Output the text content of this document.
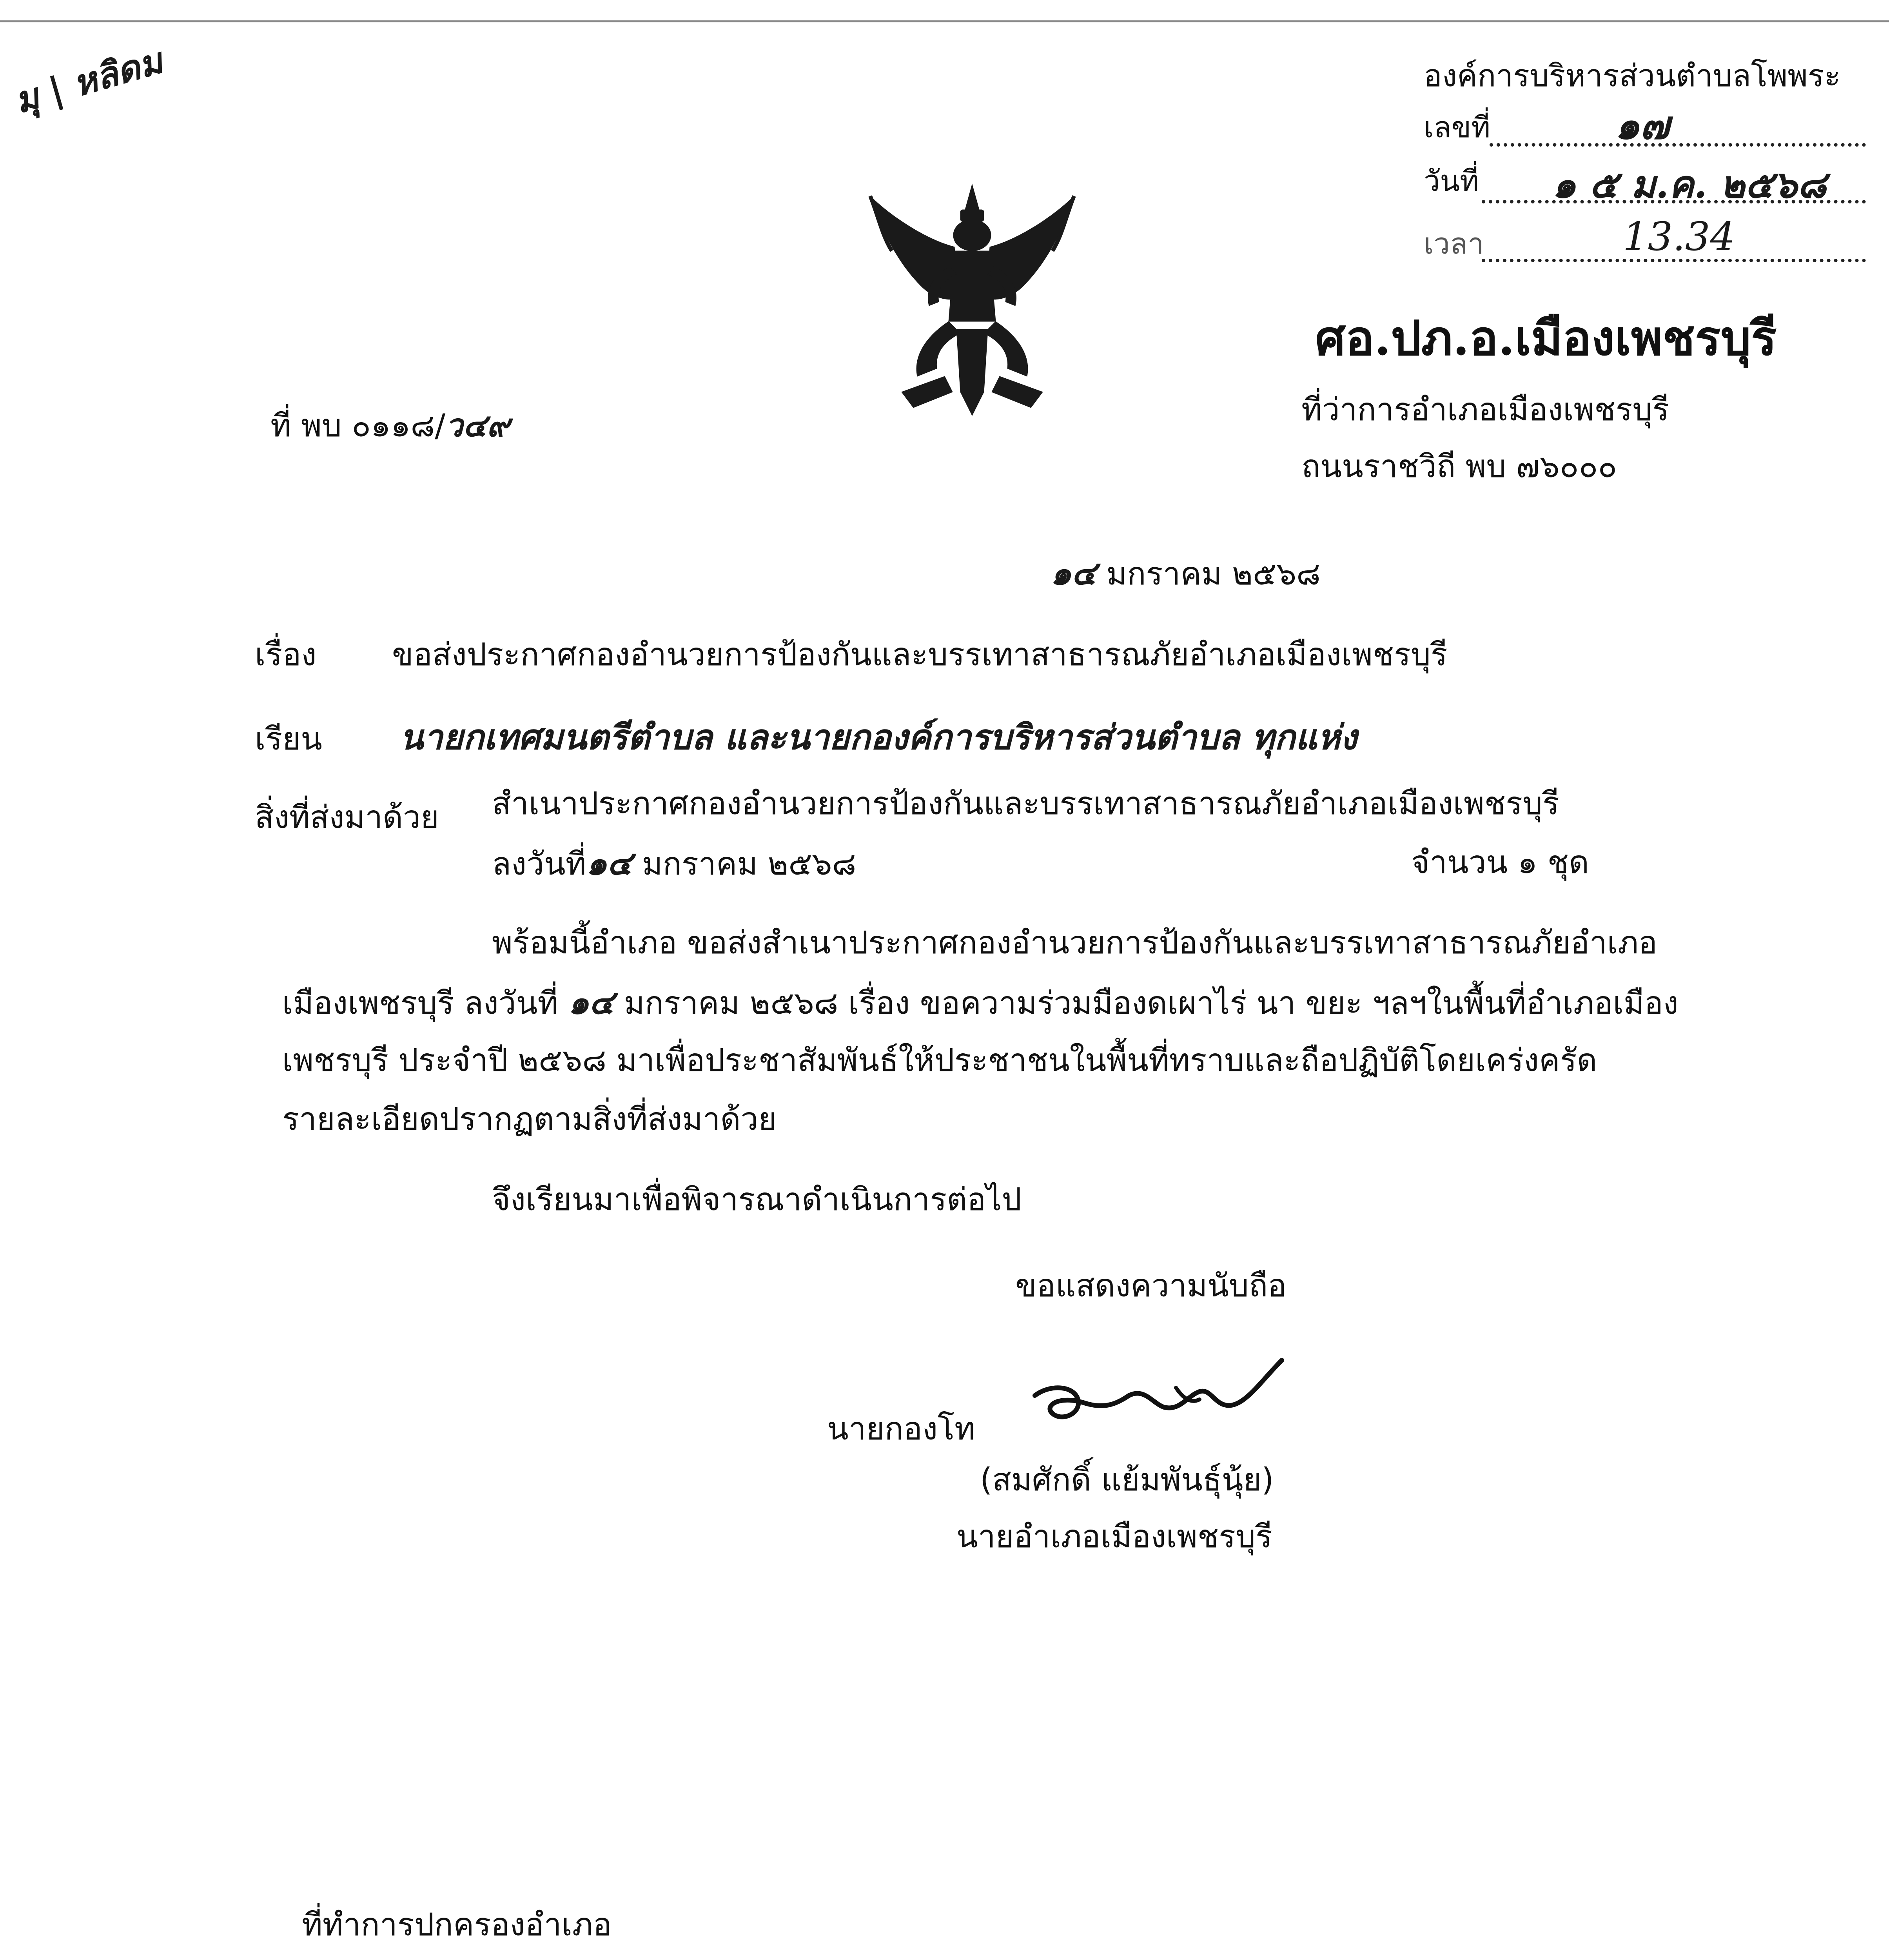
มุ | หลิดม	องค์การบริหารส่วนตำบลโพพระ
เลขที่	๑๗
วันที่ ๑ ๕ ม.ค. ๒๕๖๘
เวลา	13.34
ศอ.ปภ.อ.เมืองเพชรบุรี
ที่ว่าการอำเภอเมืองเพชรบุรี
ถนนราชวิถี พบ ๗๖๐๐๐
ที่ พบ ๐๑๑๘/ว๔๙
๑๔ มกราคม ๒๕๖๘
เรื่อง ขอส่งประกาศกองอำนวยการป้องกันและบรรเทาสาธารณภัยอำเภอเมืองเพชรบุรี
เรียน นายกเทศมนตรีตำบล และนายกองค์การบริหารส่วนตำบล ทุกแห่ง
สิ่งที่ส่งมาด้วย สำเนาประกาศกองอำนวยการป้องกันและบรรเทาสาธารณภัยอำเภอเมืองเพชรบุรี
ลงวันที่๑๔ มกราคม ๒๕๖๘	จำนวน ๑ ชุด
พร้อมนี้อำเภอ ขอส่งสำเนาประกาศกองอำนวยการป้องกันและบรรเทาสาธารณภัยอำเภอ
เมืองเพชรบุรี ลงวันที่ ๑๔ มกราคม ๒๕๖๘ เรื่อง ขอความร่วมมืองดเผาไร่ นา ขยะ ฯลฯในพื้นที่อำเภอเมือง
เพชรบุรี ประจำปี ๒๕๖๘ มาเพื่อประชาสัมพันธ์ให้ประชาชนในพื้นที่ทราบและถือปฏิบัติโดยเคร่งครัด
รายละเอียดปรากฏตามสิ่งที่ส่งมาด้วย
จึงเรียนมาเพื่อพิจารณาดำเนินการต่อไป
ขอแสดงความนับถือ
นายกองโท
(สมศักดิ์ แย้มพันธุ์นุ้ย)
นายอำเภอเมืองเพชรบุรี
ที่ทำการปกครองอำเภอ
